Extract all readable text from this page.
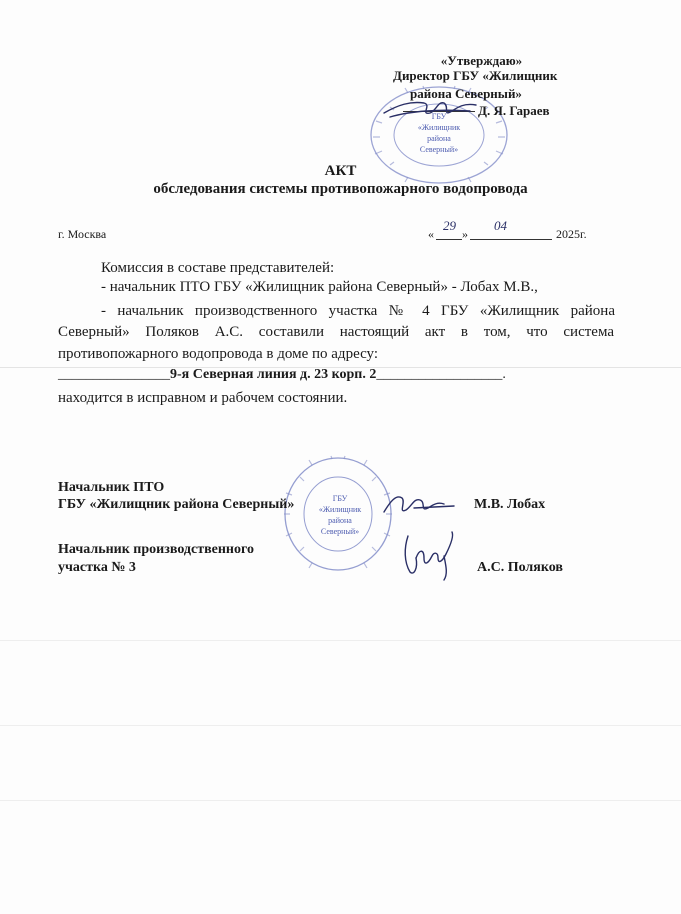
ГБУ
«Жилищник
района
Северный»
«Утверждаю»
Директор ГБУ «Жилищник
района Северный»
Д. Я. Гараев
АКТ
обследования системы противопожарного водопровода
г. Москва	«
29
»
04
2025г.
Комиссия в составе представителей:
- начальник ПТО ГБУ «Жилищник района Северный» - Лобах М.В.,
- начальник производственного участка № 4 ГБУ «Жилищник района
Северный» Поляков А.С. составили настоящий акт в том, что система
противопожарного водопровода в доме по адресу:
________________9-я Северная линия д. 23 корп. 2__________________.
находится в исправном и рабочем состоянии.
ГБУ
«Жилищник
района
Северный»
Начальник ПТО
ГБУ «Жилищник района Северный»	М.В. Лобах
Начальник производственного
участка № 3	А.С. Поляков
